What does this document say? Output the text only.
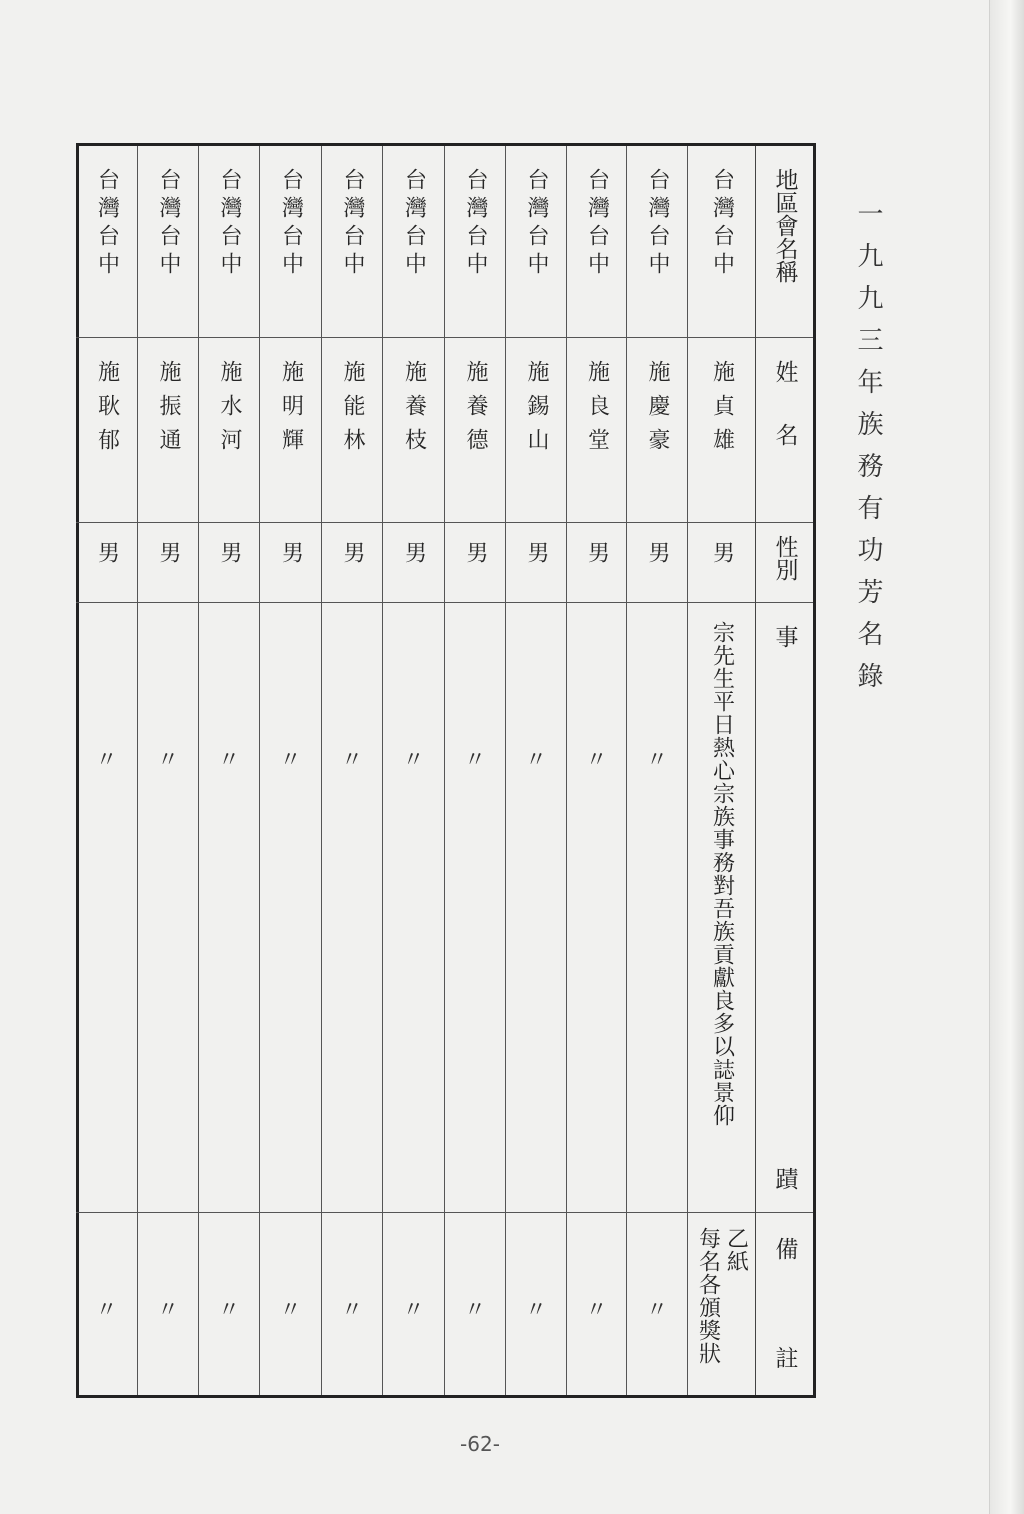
一九九三年族務有功芳名錄
地區會名稱
姓名
性別
事
蹟
備
註
台灣台中
施貞雄
男
宗先生平日熱心宗族事務對吾族貢獻良多以誌景仰
每名各頒獎狀 乙紙
台灣台中
施慶豪
男
〃
〃
台灣台中
施良堂
男
〃
〃
台灣台中
施錫山
男
〃
〃
台灣台中
施養德
男
〃
〃
台灣台中
施養枝
男
〃
〃
台灣台中
施能林
男
〃
〃
台灣台中
施明輝
男
〃
〃
台灣台中
施水河
男
〃
〃
台灣台中
施振通
男
〃
〃
台灣台中
施耿郁
男
〃
〃
-62-
